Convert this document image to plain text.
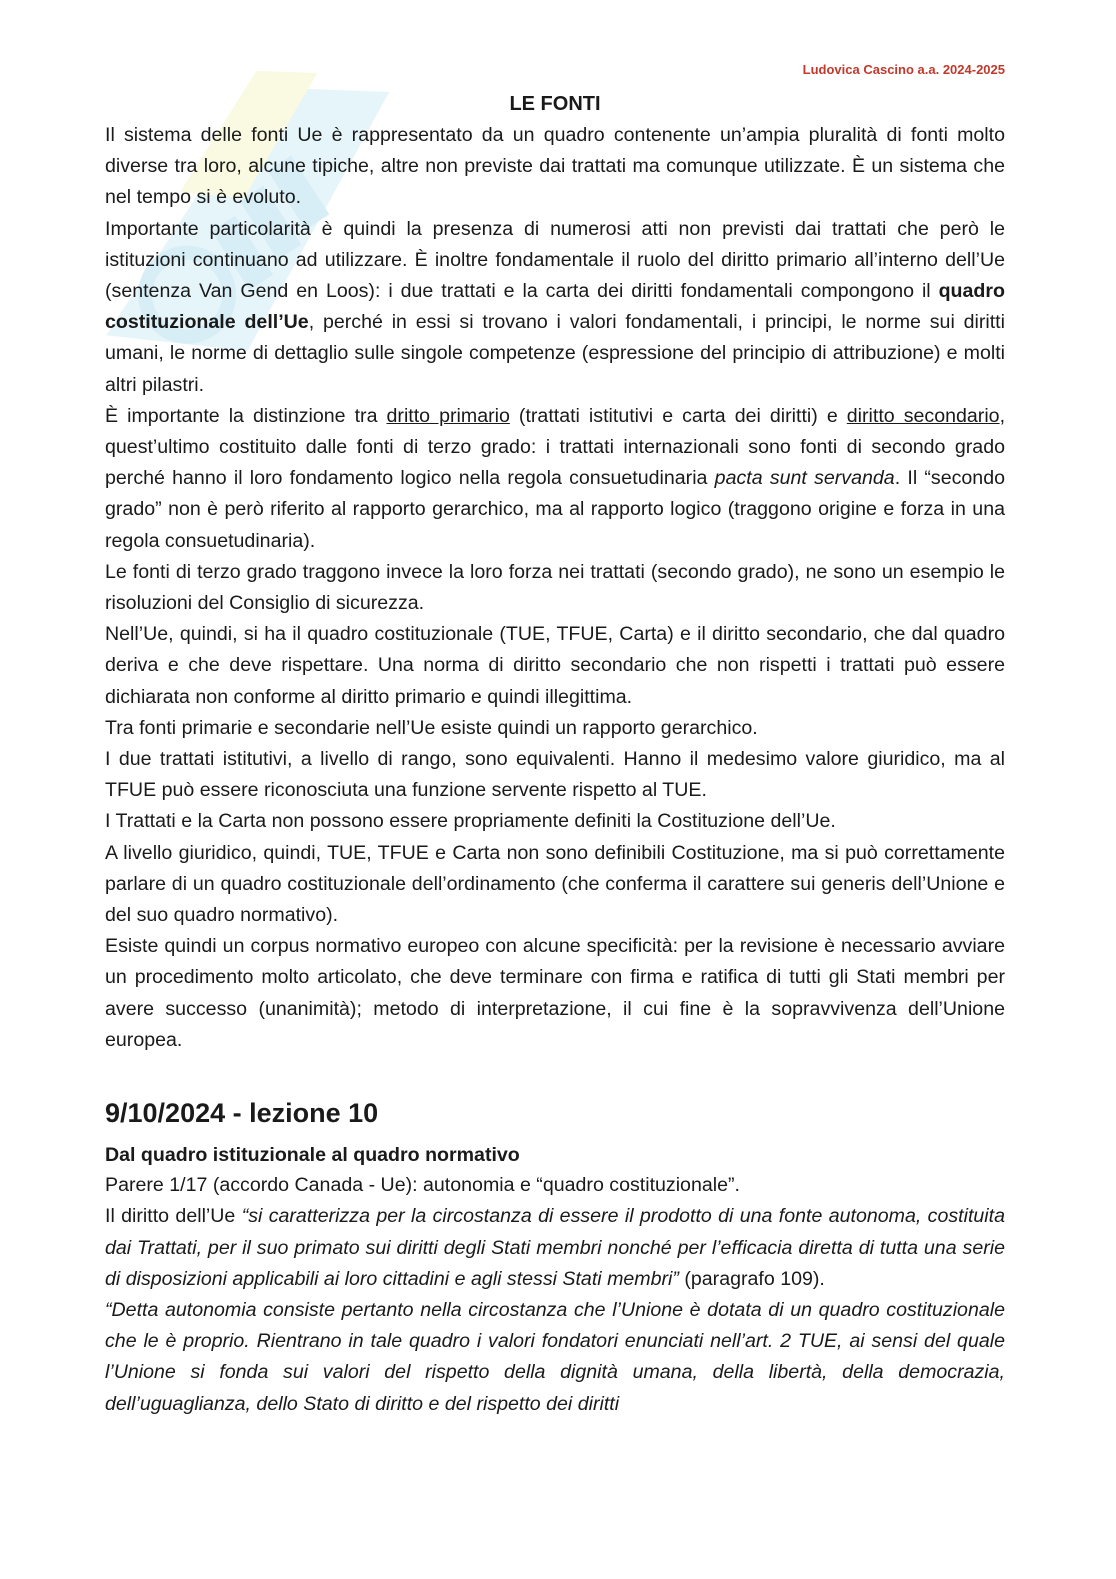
Ludovica Cascino a.a. 2024-2025
LE FONTI

Il sistema delle fonti Ue è rappresentato da un quadro contenente un’ampia pluralità di fonti molto diverse tra loro, alcune tipiche, altre non previste dai trattati ma comunque utilizzate. È un sistema che nel tempo si è evoluto.

Importante particolarità è quindi la presenza di numerosi atti non previsti dai trattati che però le istituzioni continuano ad utilizzare. È inoltre fondamentale il ruolo del diritto primario all’interno dell’Ue (sentenza Van Gend en Loos): i due trattati e la carta dei diritti fondamentali compongono il quadro costituzionale dell’Ue, perché in essi si trovano i valori fondamentali, i principi, le norme sui diritti umani, le norme di dettaglio sulle singole competenze (espressione del principio di attribuzione) e molti altri pilastri.

È importante la distinzione tra dritto primario (trattati istitutivi e carta dei diritti) e diritto secondario, quest’ultimo costituito dalle fonti di terzo grado: i trattati internazionali sono fonti di secondo grado perché hanno il loro fondamento logico nella regola consuetudinaria pacta sunt servanda. Il “secondo grado” non è però riferito al rapporto gerarchico, ma al rapporto logico (traggono origine e forza in una regola consuetudinaria).

Le fonti di terzo grado traggono invece la loro forza nei trattati (secondo grado), ne sono un esempio le risoluzioni del Consiglio di sicurezza.

Nell’Ue, quindi, si ha il quadro costituzionale (TUE, TFUE, Carta) e il diritto secondario, che dal quadro deriva e che deve rispettare. Una norma di diritto secondario che non rispetti i trattati può essere dichiarata non conforme al diritto primario e quindi illegittima.

Tra fonti primarie e secondarie nell’Ue esiste quindi un rapporto gerarchico.

I due trattati istitutivi, a livello di rango, sono equivalenti. Hanno il medesimo valore giuridico, ma al TFUE può essere riconosciuta una funzione servente rispetto al TUE.

I Trattati e la Carta non possono essere propriamente definiti la Costituzione dell’Ue.

A livello giuridico, quindi, TUE, TFUE e Carta non sono definibili Costituzione, ma si può correttamente parlare di un quadro costituzionale dell’ordinamento (che conferma il carattere sui generis dell’Unione e del suo quadro normativo).

Esiste quindi un corpus normativo europeo con alcune specificità: per la revisione è necessario avviare un procedimento molto articolato, che deve terminare con firma e ratifica di tutti gli Stati membri per avere successo (unanimità); metodo di interpretazione, il cui fine è la sopravvivenza dell’Unione europea.

9/10/2024 - lezione 10
Dal quadro istituzionale al quadro normativo

Parere 1/17 (accordo Canada - Ue): autonomia e “quadro costituzionale”.

Il diritto dell’Ue “si caratterizza per la circostanza di essere il prodotto di una fonte autonoma, costituita dai Trattati, per il suo primato sui diritti degli Stati membri nonché per l’efficacia diretta di tutta una serie di disposizioni applicabili ai loro cittadini e agli stessi Stati membri” (paragrafo 109).

“Detta autonomia consiste pertanto nella circostanza che l’Unione è dotata di un quadro costituzionale che le è proprio. Rientrano in tale quadro i valori fondatori enunciati nell’art. 2 TUE, ai sensi del quale l’Unione si fonda sui valori del rispetto della dignità umana, della libertà, della democrazia, dell’uguaglianza, dello Stato di diritto e del rispetto dei diritti
